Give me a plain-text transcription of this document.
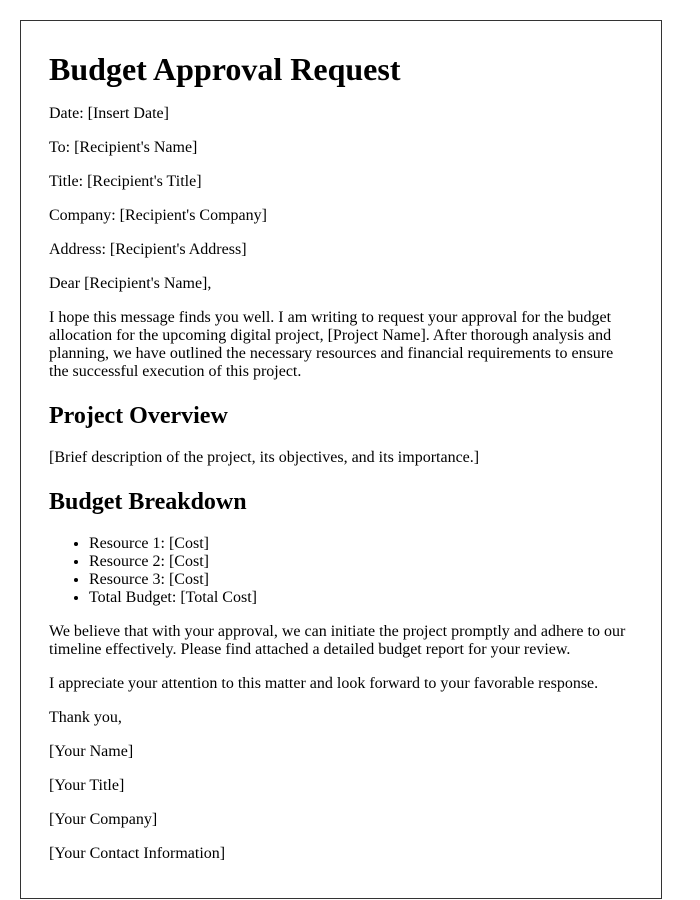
Budget Approval Request

Date: [Insert Date]

To: [Recipient's Name]

Title: [Recipient's Title]

Company: [Recipient's Company]

Address: [Recipient's Address]

Dear [Recipient's Name],

I hope this message finds you well. I am writing to request your approval for the budget allocation for the upcoming digital project, [Project Name]. After thorough analysis and planning, we have outlined the necessary resources and financial requirements to ensure the successful execution of this project.

Project Overview

[Brief description of the project, its objectives, and its importance.]

Budget Breakdown
• Resource 1: [Cost]
• Resource 2: [Cost]
• Resource 3: [Cost]
• Total Budget: [Total Cost]

We believe that with your approval, we can initiate the project promptly and adhere to our timeline effectively. Please find attached a detailed budget report for your review.

I appreciate your attention to this matter and look forward to your favorable response.

Thank you,

[Your Name]

[Your Title]

[Your Company]

[Your Contact Information]
